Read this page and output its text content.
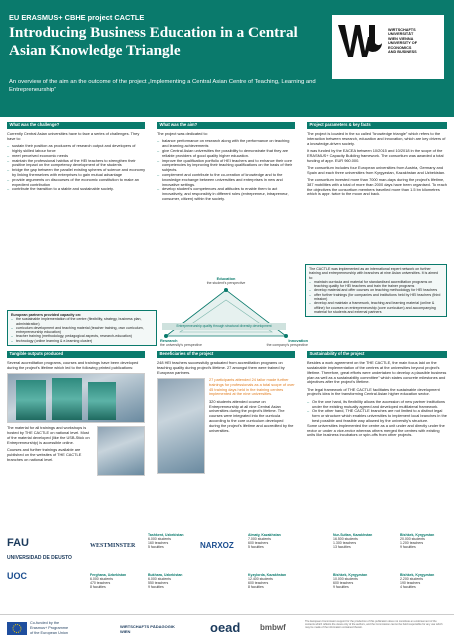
EU ERASMUS+ CBHE project CACTLE
Introducing Business Education in a Central Asian Knowledge Triangle
An overview of the aim an the outcome of the project „Implementing a Central Asian Centre of Teaching, Learning and Entrepreneurship“
WIRTSCHAFTS
UNIVERSITÄT
WIEN VIENNA
UNIVERSITY OF
ECONOMICS
AND BUSINESS
What was the challenge?
Currently Central Asian universities have to face a series of challenges. They have to:
– sustain their position as producers of research output and developers of highly skilled labour force
– meet perceived economic needs
– maintain the professional habitus of the HEI teachers to strengthen their positive impact on the competency development of the students
– bridge the gap between the parallel existing spheres of science and economy by linking themselves with enterprises to gain mutual advantage
– provide arguments on discourses of the economic constitution to make an expedient contribution
– contribute the transition to a stable and sustainable society.
What was the aim?
The project was dedicated to:
– balance performance on research along with the performance on teaching and learning achievements
– give Central Asian universities the possibility to demonstrate that they are reliable providers of good quality higher education.
– improve the qualification portfolio of HEI teachers and to enhance their core competencies by improving their teaching qualifications on the basis of their subjects.
– complement and contribute to the co-creation of knowledge and to the knowledge exchange between universities and enterprises in new and innovative settings.
– develop student's competences and attitudes to enable them to act innovatively, and responsibly in different roles (entrepreneur, intrapreneur, consumer, citizen) within the society.
Project parameters & key facts
The project is located in the so called "knowledge triangle" which refers to the interaction between research, education and innovation, which are key drivers of a knowledge-driven society.
It was funded by the EACEA between 10/2015 and 10/2018 in the scope of the ERASMUS+ Capacity Building framework. The consortium was awarded a total funding of appr. EUR 960.000.
The consortium includes four European universities from Austria, Germany and Spain and each three universities from Kyrgyzstan, Kazakhstan and Uzbekistan.
The consortium invested more than 7000 man-days during the project's lifetime, 387 mobilities with a total of more than 2000 days have been organised. To reach the objectives the consortium members travelled more than 1.5 bn kilometres which is appr. twice to the moon and back.
Education
the student's perspective
Research
the university's perspective
Innovation
the company's perspective
Entrepreneurship quality through structural diversity development
European partners provided capacity on:
– the sustainable implementation of the centre (flexibility, strategy, business plan, administration)
– curriculum development and teaching material (teacher training, own curriculum, entrepreneurship education)
– teacher training (methodology, pedagogical aspects, research-education)
– technology (online learning & e-learning cluster)
The CACTLE was implemented as an international expert network on further training and entrepreneurship with branches at nine Asian universities. It is aimed to:
– maintain curricula and material for standardised accreditation programs on teaching quality for HEI teachers and train the trainer programs
– develop material and offer courses on teaching methodology for HEI teachers
– offer further trainings (for companies and institutions held by HEI teachers (third mission)
– develop and maintain a framework, teaching and learning material (online & offline) for courses on entrepreneurship (core curriculum) and accompanying material for students and external partners
Tangible outputs produced
Several accreditation programs, courses and trainings have been developed during the project's lifetime which led to the following printed publications:
The material for all trainings and workshops is hosted by THE CACTLE on national level. Most of the material developed (like the USB-Stick on Entrepreneurship) is accessible online.
Courses and further trainings available are published on the websites of THE CACTLE branches on national level.
Beneficiaries of the project
248 HEI teachers successfully graduated from accreditation programs on teaching quality during project's lifetime. 27 amongst them were trained by European partners.
27 participants attended 24 tailor made further trainings for professionals as a total scope of over 45 training days held in the training centres implemented at the nine universities.
320 students attended course on Entrepreneurship at all nine Central Asian universities during the project's lifetime. The courses were integrated into the curricula according to the core curriculum developed during the project's lifetime and accredited by the universities.
Sustainability of the project
Besides a work agreement on the THE CACTLE, the main focus laid on the sustainable implementation of the centres at the universities beyond project's lifetime. Therefore, great efforts were undertaken to develop a plausible business plan as well as a sustainability committee" which states concrete milestones and objectives after the project's lifetime.
The legal framework of THE CACTLE facilitates the sustainable development project's idea in the transforming Central Asian higher education sector.
– On the one hand, its flexibility allows the accession of new partner institutions under the existing mutually agreed and developed multilateral framework.
– On the other hand, THE CACTLE branches are not limited to a distinct legal form or structure which enables universities to implement local branches in the best possible and feasible way allowed by the university's structure.
Some universities implemented the centre as a unit under and directly under the rector or under a vice-rector whereas others merged the centres with existing units like business incubators or spin-offs from other projects.
FAU
UNIVERSIDAD DE DEUSTO
UOC
WESTMINSTER	NARXOZ
Tashkent, Uzbekistan
6.000 students
160 teachers
5 faculties
Almaty, Kazakhstan
7.000 students
600 teachers
5 faculties
Nur-Sultan, Kazakhstan
16.500 students
1.300 teachers
13 faculties
Bishkek, Kyrgyzstan
20.000 students
1.200 teachers
9 faculties
Ferghana, Uzbekistan
6.000 students
470 teachers
8 faculties
Bukhara, Uzbekistan
6.000 students
550 teachers
9 faculties
Kyzylorda, Kazakhstan
12.400 students
600 teachers
8 faculties
Bishkek, Kyrgyzstan
10.000 students
600 teachers
9 faculties
Bishkek, Kyrgyzstan
2.200 students
190 teachers
4 faculties
Co-funded by the
Erasmus+ Programme
of the European Union
WIRTSCHAFTS PÄDAGOGIK WIEN	oead bmbwf
The European Commission support for the production of this publication does not constitute an endorsement of the contents which reflects the views only of the authors, and the Commission cannot be held responsible for any use which may be made of the information contained therein.
